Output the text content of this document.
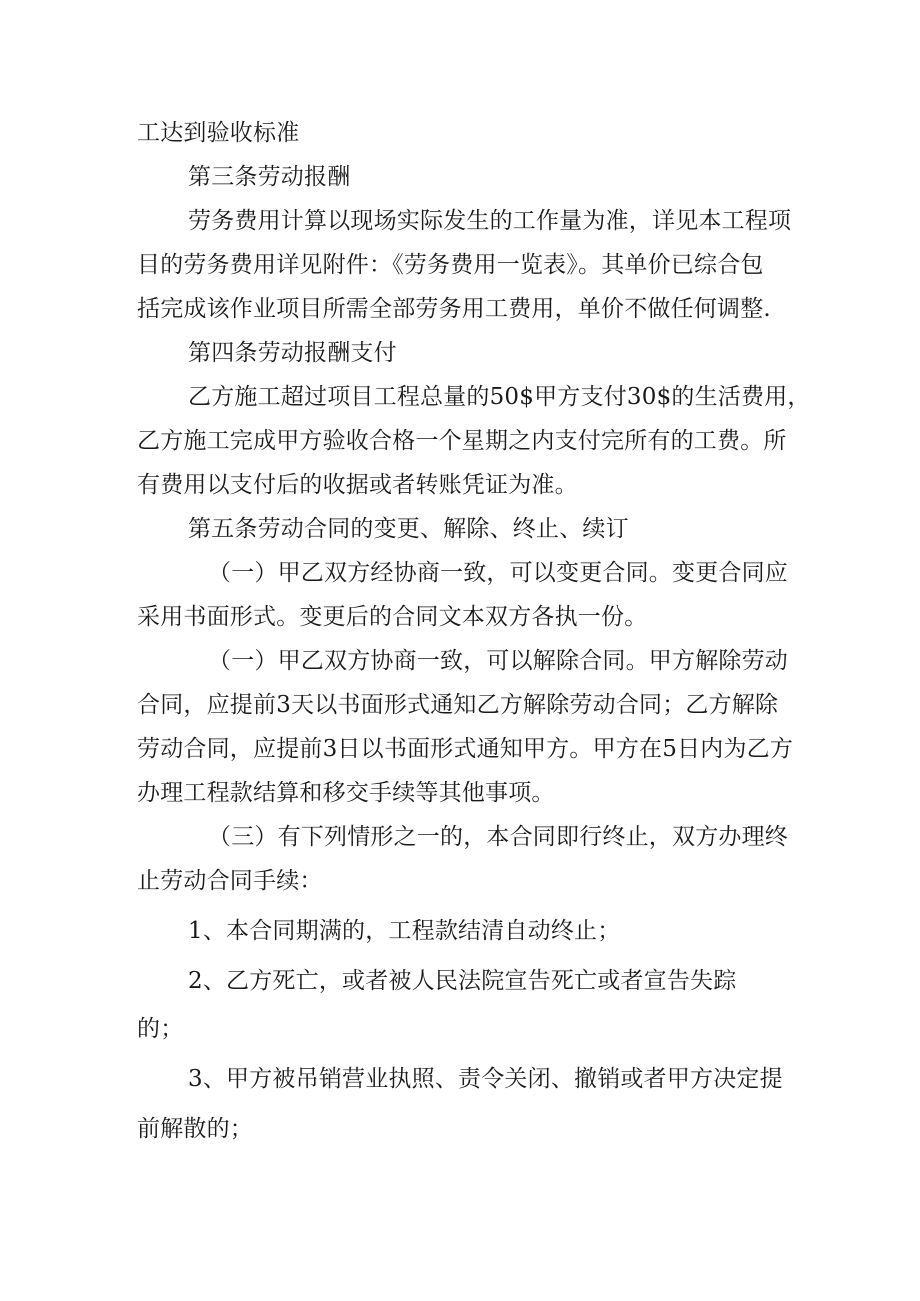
工达到验收标准
第三条劳动报酬
劳务费用计算以现场实际发生的工作量为准，详见本工程项
目的劳务费用详见附件：《劳务费用一览表》。其单价已综合包
括完成该作业项目所需全部劳务用工费用，单价不做任何调整.
第四条劳动报酬支付
乙方施工超过项目工程总量的50$甲方支付30$的生活费用，
乙方施工完成甲方验收合格一个星期之内支付完所有的工费。所
有费用以支付后的收据或者转账凭证为准。
第五条劳动合同的变更、解除、终止、续订
（一）甲乙双方经协商一致，可以变更合同。变更合同应
采用书面形式。变更后的合同文本双方各执一份。
（一）甲乙双方协商一致，可以解除合同。甲方解除劳动
合同，应提前3天以书面形式通知乙方解除劳动合同；乙方解除
劳动合同，应提前3日以书面形式通知甲方。甲方在5日内为乙方
办理工程款结算和移交手续等其他事项。
（三）有下列情形之一的，本合同即行终止，双方办理终
止劳动合同手续：
1、本合同期满的，工程款结清自动终止；
2、乙方死亡，或者被人民法院宣告死亡或者宣告失踪
的；
3、甲方被吊销营业执照、责令关闭、撤销或者甲方决定提
前解散的；
